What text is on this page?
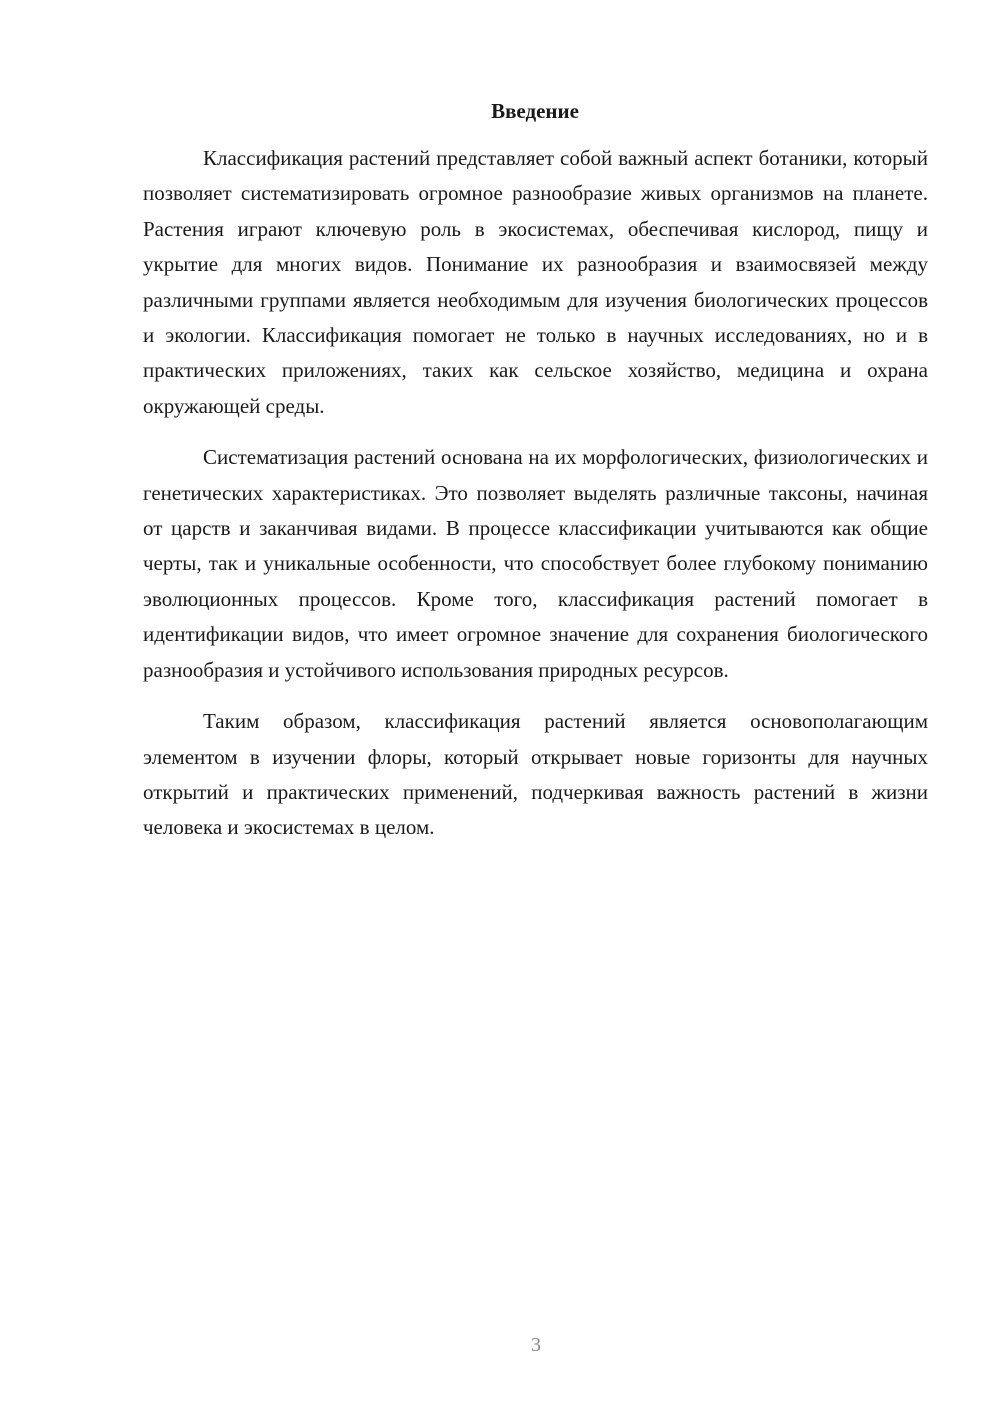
Введение

Классификация растений представляет собой важный аспект ботаники, который позволяет систематизировать огромное разнообразие живых организмов на планете. Растения играют ключевую роль в экосистемах, обеспечивая кислород, пищу и укрытие для многих видов. Понимание их разнообразия и взаимосвязей между различными группами является необходимым для изучения биологических процессов и экологии. Классификация помогает не только в научных исследованиях, но и в практических приложениях, таких как сельское хозяйство, медицина и охрана окружающей среды.

Систематизация растений основана на их морфологических, физиологических и генетических характеристиках. Это позволяет выделять различные таксоны, начиная от царств и заканчивая видами. В процессе классификации учитываются как общие черты, так и уникальные особенности, что способствует более глубокому пониманию эволюционных процессов. Кроме того, классификация растений помогает в идентификации видов, что имеет огромное значение для сохранения биологического разнообразия и устойчивого использования природных ресурсов.

Таким образом, классификация растений является основополагающим элементом в изучении флоры, который открывает новые горизонты для научных открытий и практических применений, подчеркивая важность растений в жизни человека и экосистемах в целом.

3
